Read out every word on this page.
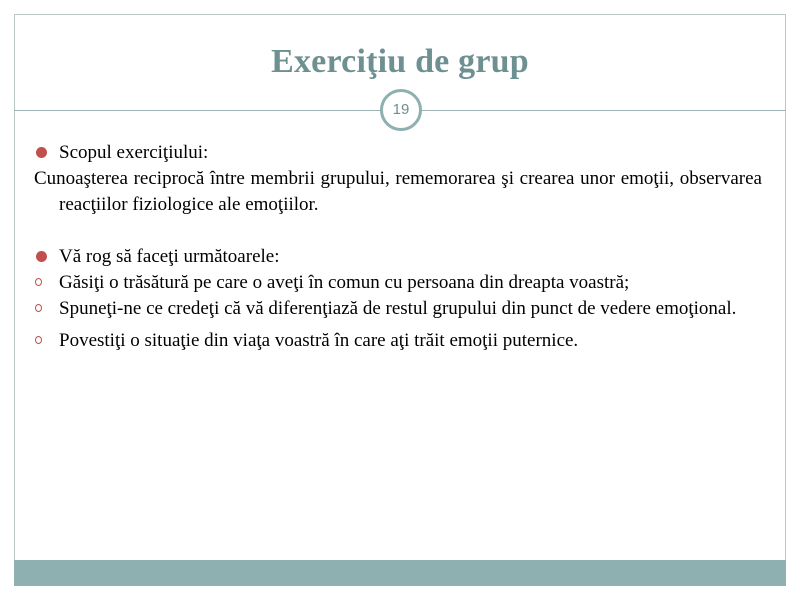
Exerciţiu de grup
19
Scopul exerciţiului:
Cunoaşterea reciprocă între membrii grupului, rememorarea şi crearea unor emoţii, observarea reacţiilor fiziologice ale emoţiilor.
Vă rog să faceţi următoarele:
Găsiţi o trăsătură pe care o aveţi în comun cu persoana din dreapta voastră;
Spuneţi-ne ce credeţi că vă diferenţiază de restul grupului din punct de vedere emoţional.
Povestiţi o situaţie din viaţa voastră în care aţi trăit emoţii puternice.
